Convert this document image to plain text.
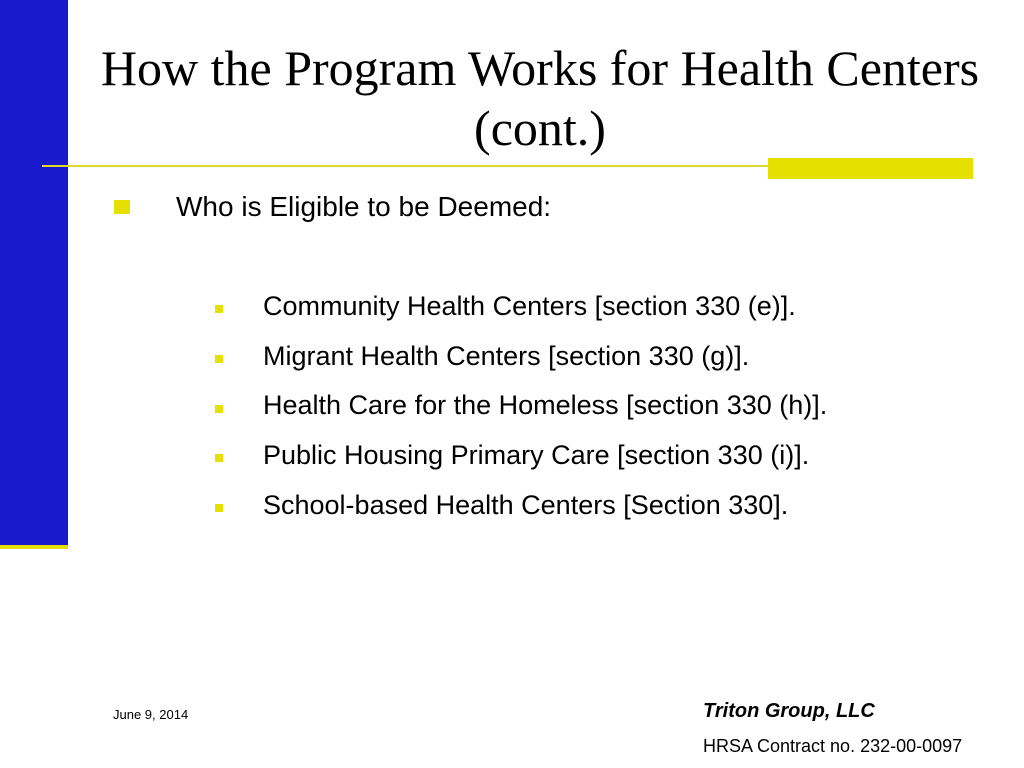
How the Program Works for Health Centers (cont.)
Who is Eligible to be Deemed:
Community Health Centers [section 330 (e)].
Migrant Health Centers [section 330 (g)].
Health Care for the Homeless [section 330 (h)].
Public Housing Primary Care [section 330 (i)].
School-based Health Centers [Section 330].
June 9, 2014	Triton Group, LLC
HRSA Contract no. 232-00-0097
